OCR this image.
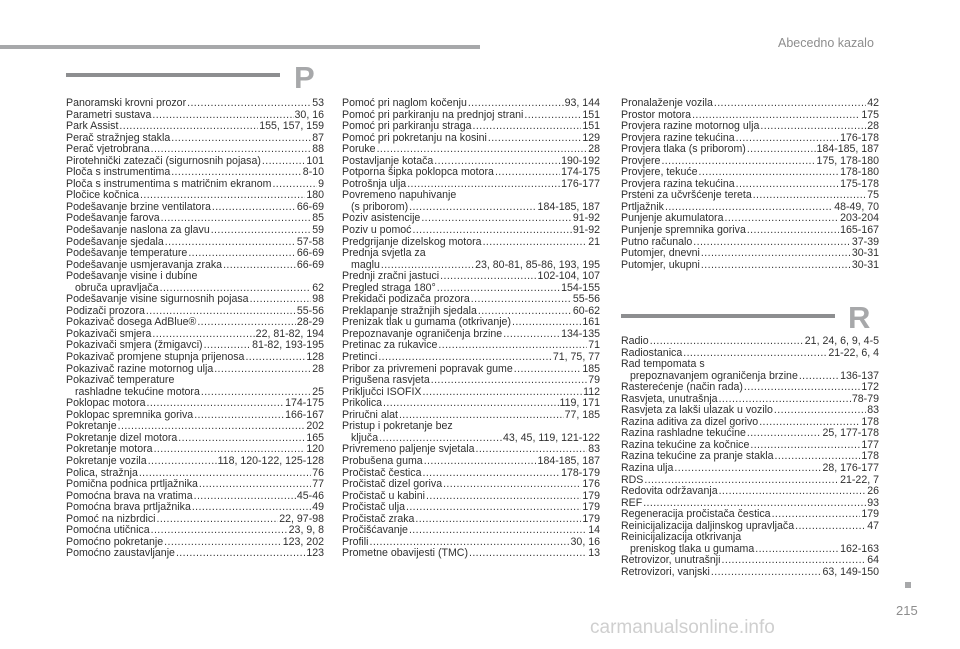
Abecedno kazalo
P
Panoramski krovni prozor .....	53
Parametri sustava .....	30, 16
Park Assist .....	155, 157, 159
Perač stražnjeg stakla .....	87
Perač vjetrobrana .....	88
Pirotehnički zatezači (sigurnosnih pojasa) .....	101
Ploča s instrumentima .....	8-10
Ploča s instrumentima s matričnim ekranom .....	9
Pločice kočnica .....	180
Podešavanje brzine ventilatora .....	66-69
Podešavanje farova .....	85
Podešavanje naslona za glavu .....	59
Podešavanje sjedala .....	57-58
Podešavanje temperature .....	66-69
Podešavanje usmjeravanja zraka .....	66-69
Podešavanje visine i dubine
obruča upravljača .....	62
Podešavanje visine sigurnosnih pojasa .....	98
Podizači prozora .....	55-56
Pokazivač dosega AdBlue® .....	28-29
Pokazivači smjera .....	22, 81-82, 194
Pokazivači smjera (žmigavci) .....	81-82, 193-195
Pokazivač promjene stupnja prijenosa .....	128
Pokazivač razine motornog ulja .....	28
Pokazivač temperature
rashladne tekućine motora .....	25
Poklopac motora .....	174-175
Poklopac spremnika goriva .....	166-167
Pokretanje .....	202
Pokretanje dizel motora .....	165
Pokretanje motora .....	120
Pokretanje vozila .....	118, 120-122, 125-128
Polica, stražnja .....	76
Pomična podnica prtljažnika .....	77
Pomoćna brava na vratima .....	45-46
Pomoćna brava prtljažnika .....	49
Pomoć na nizbrdici .....	22, 97-98
Pomoćna utičnica .....	23, 9, 8
Pomoćno pokretanje .....	123, 202
Pomoćno zaustavljanje .....	123
Pomoć pri naglom kočenju .....	93, 144
Pomoć pri parkiranju na prednjoj strani .....	151
Pomoć pri parkiranju straga .....	151
Pomoć pri pokretanju na kosini .....	129
Poruke .....	28
Postavljanje kotača .....	190-192
Potporna šipka poklopca motora .....	174-175
Potrošnja ulja .....	176-177
Povremeno napuhivanje
(s priborom) .....	184-185, 187
Poziv asistencije .....	91-92
Poziv u pomoć .....	91-92
Predgrijanje dizelskog motora .....	21
Prednja svjetla za
maglu .....	23, 80-81, 85-86, 193, 195
Prednji zračni jastuci .....	102-104, 107
Pregled straga 180° .....	154-155
Prekidači podizača prozora .....	55-56
Preklapanje stražnjih sjedala .....	60-62
Prenizak tlak u gumama (otkrivanje) .....	161
Prepoznavanje ograničenja brzine .....	134-135
Pretinac za rukavice .....	71
Pretinci .....	71, 75, 77
Pribor za privremeni popravak gume .....	185
Prigušena rasvjeta .....	79
Priključci ISOFIX .....	112
Prikolica .....	119, 171
Priručni alat .....	77, 185
Pristup i pokretanje bez
ključa .....	43, 45, 119, 121-122
Privremeno paljenje svjetala .....	83
Probušena guma .....	184-185, 187
Pročistač čestica .....	178-179
Pročistač dizel goriva .....	176
Pročistač u kabini .....	179
Pročistač ulja .....	179
Pročistač zraka .....	179
Pročišćavanje .....	14
Profili .....	30, 16
Prometne obavijesti (TMC) .....	13
Pronalaženje vozila .....	42
Prostor motora .....	175
Provjera razine motornog ulja .....	28
Provjera razine tekućina .....	176-178
Provjera tlaka (s priborom) .....	184-185, 187
Provjere .....	175, 178-180
Provjere, tekuće .....	178-180
Provjera razina tekućina .....	175-178
Prsteni za učvršćenje tereta .....	75
Prtljažnik .....	48-49, 70
Punjenje akumulatora .....	203-204
Punjenje spremnika goriva .....	165-167
Putno računalo .....	37-39
Putomjer, dnevni .....	30-31
Putomjer, ukupni .....	30-31
R
Radio .....	21, 24, 6, 9, 4-5
Radiostanica .....	21-22, 6, 4
Rad tempomata s
prepoznavanjem ograničenja brzine .....	136-137
Rasterećenje (način rada) .....	172
Rasvjeta, unutrašnja .....	78-79
Rasvjeta za lakši ulazak u vozilo .....	83
Razina aditiva za dizel gorivo .....	178
Razina rashladne tekućine .....	25, 177-178
Razina tekućine za kočnice .....	177
Razina tekućine za pranje stakla .....	178
Razina ulja .....	28, 176-177
RDS .....	21-22, 7
Redovita održavanja .....	26
REF .....	93
Regeneracija pročistača čestica .....	179
Reinicijalizacija daljinskog upravljača .....	47
Reinicijalizacija otkrivanja
preniskog tlaka u gumama .....	162-163
Retrovizor, unutrašnji .....	64
Retrovizori, vanjski .....	63, 149-150
215
carmanualsonline.info
